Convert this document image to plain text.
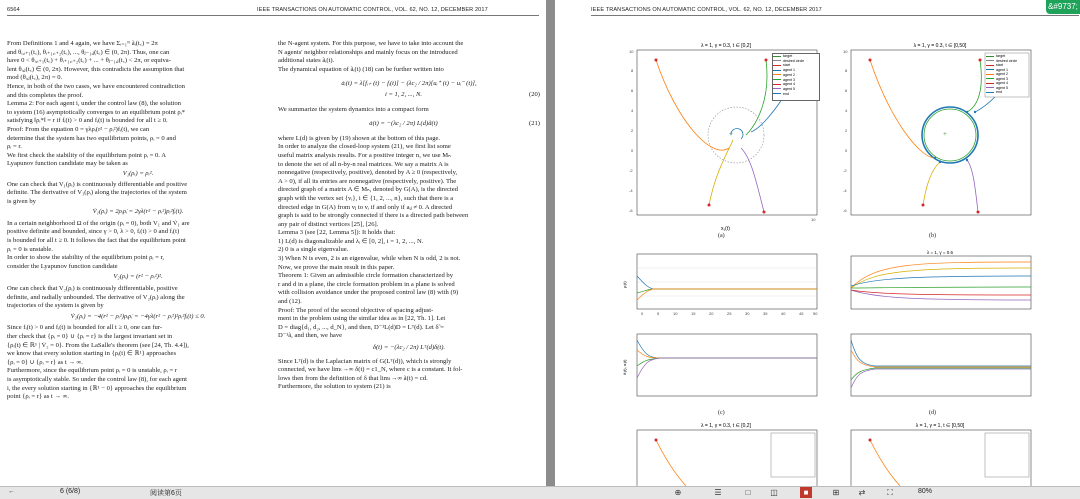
6564	IEEE TRANSACTIONS ON AUTOMATIC CONTROL, VOL. 62, NO. 12, DECEMBER 2017

From Definitions 1 and 4 again, we have Σᵢ₌₁ᴺ ãᵢ(t꜀) = 2π

and θᵢ,ᵢ₊₁(t꜀), θᵢ₊₁,ᵢ₊₂(t꜀), ..., θⱼ₋₁,ⱼ(t꜀) ∈ (0, 2π). Thus, one can

have 0 < θᵢ,ᵢ₊₁(t꜀) + θᵢ₊₁,ᵢ₊₂(t꜀) + ... + θⱼ₋₁,ⱼ(t꜀) < 2π, or equiva-

lent θᵢ,ⱼ(t꜀) ∈ (0, 2π). However, this contradicts the assumption that

mod (θᵢ,ⱼ(t꜀), 2π) = 0.

Hence, in both of the two cases, we have encountered contradiction

and this completes the proof.

Lemma 2: For each agent i, under the control law (8), the solution

to system (16) asymptotically converges to an equilibrium point ρᵢ*

satisfying ‖ρᵢ*‖ = r if fᵢ(t) > 0 and fᵢ(t) is bounded for all t ≥ 0.

Proof: From the equation 0 = γλρᵢ(r² − ρᵢ²)fᵢ(t), we can

determine that the system has two equilibrium points, ρᵢ = 0 and

ρᵢ = r.

We first check the stability of the equilibrium point ρᵢ = 0. A

Lyapunov function candidate may be taken as

V₁(ρᵢ) = ρᵢ².

One can check that V₁(ρᵢ) is continuously differentiable and positive

definite. The derivative of V₁(ρᵢ) along the trajectories of the system

is given by

V̇₁(ρᵢ) = 2ρᵢρ̇ᵢ = 2γλ(r² − ρᵢ²)ρᵢ²fᵢ(t).

In a certain neighborhood Ω of the origin (ρᵢ = 0), both V₁ and V̇₁ are

positive definite and bounded, since γ > 0, λ > 0, fᵢ(t) > 0 and fᵢ(t)

is bounded for all t ≥ 0. It follows the fact that the equilibrium point

ρᵢ = 0 is unstable.

In order to show the stability of the equilibrium point ρᵢ = r,

consider the Lyapunov function candidate

V₂(ρᵢ) = (r² − ρᵢ²)².

One can check that V₂(ρᵢ) is continuously differentiable, positive

definite, and radially unbounded. The derivative of V₂(ρᵢ) along the

trajectories of the system is given by

V̇₂(ρᵢ) = −4(r² − ρᵢ²)ρᵢρ̇ᵢ = −4γλ(r² − ρᵢ²)²ρᵢ²fᵢ(t) ≤ 0.

Since fᵢ(t) > 0 and fᵢ(t) is bounded for all t ≥ 0, one can fur-

ther check that {ρᵢ = 0} ∪ {ρᵢ = r} is the largest invariant set in

{ρᵢ(t) ∈ ℝ¹ | V̇₂ = 0}. From the LaSalle's theorem (see [24, Th. 4.4]),

we know that every solution starting in {ρᵢ(t) ∈ ℝ¹} approaches

{ρᵢ = 0} ∪ {ρᵢ = r} as t → ∞.

Furthermore, since the equilibrium point ρᵢ = 0 is unstable, ρᵢ = r

is asymptotically stable. So under the control law (8), for each agent

i, the every solution starting in {ℝ¹ − 0} approaches the equilibrium

point {ρᵢ = r} as t → ∞.

the N-agent system. For this purpose, we have to take into account the

N agents' neighbor relationships and mainly focus on the introduced

additional states ãᵢ(t).

The dynamical equation of ãᵢ(t) (18) can be further written into

ȧᵢ(t) = λ[fᵢ₊ (t) − fᵢ(t)] − (λc₂ / 2π)[uᵢ⁺ (t) − uᵢ⁻ (t)],

i = 1, 2, ..., N.	(20)

We summarize the system dynamics into a compact form

ȧ(t) = −(λc₂ / 2π) L(d)ã(t)	(21)

where L(d) is given by (19) shown at the bottom of this page.

In order to analyze the closed-loop system (21), we first list some

useful matrix analysis results. For a positive integer n, we use Mₙ

to denote the set of all n-by-n real matrices. We say a matrix A is

nonnegative (respectively, positive), denoted by A ≥ 0 (respectively,

A > 0), if all its entries are nonnegative (respectively, positive). The

directed graph of a matrix A ∈ Mₙ, denoted by G(A), is the directed

graph with the vertex set {vᵢ}, i ∈ {1, 2, ..., n}, such that there is a

directed edge in G(A) from vⱼ to vᵢ if and only if aᵢⱼ ≠ 0. A directed

graph is said to be strongly connected if there is a directed path between

any pair of distinct vertices [25], [26].

Lemma 3 (see [22, Lemma 5]): It holds that:

1) L(d) is diagonalizable and λᵢ ∈ [0, 2], i = 1, 2, ..., N.

2) 0 is a single eigenvalue.

3) When N is even, 2 is an eigenvalue, while when N is odd, 2 is not.

Now, we prove the main result in this paper.

Theorem 1: Given an admissible circle formation characterized by

r and d in a plane, the circle formation problem in a plane is solved

with collision avoidance under the proposed control law (8) with (9)

and (12).

Proof: The proof of the second objective of spacing adjust-

ment in the problem using the similar idea as in [22, Th. 1]. Let

D = diag{d₁, d₂, ..., d_N}, and then, D⁻¹L(d)D = Lᵀ(d). Let δ̃ =

D⁻¹ã, and then, we have

δ̇(t) = −(λc₂ / 2π) Lᵀ(d)δ(t).

Since Lᵀ(d) is the Laplacian matrix of G(Lᵀ(d)), which is strongly

connected, we have limₜ→∞ δ(t) = c1_N, where c is a constant. It fol-

lows then from the definition of δ that limₜ→∞ ã(t) = cd.

Furthermore, the solution to system (21) is

IEEE TRANSACTIONS ON AUTOMATIC CONTROL, VOL. 62, NO. 12, DECEMBER 2017
λ = 1, γ = 0.3, t ∈ [0,2]
10
8
6
4
2
0
-2
-4
-6
10
+
x₁(t)
(a)
λ = 1, γ = 0.3, t ∈ [0,50]
10
8
6
4
2
0
-2
-4
-6
+
(b)
target
desired circle
start
agent 1
agent 2
agent 3
agent 4
agent 5
end
target
desired circle
start
agent 1
agent 2
agent 3
agent 4
agent 5
end
0	5	10	15	20	25	30	35	40	45 50
ρᵢ(t)
λ = 1, γ = 0.6
θᵢ(t), aᵢ(t)
(c)	(d)
λ = 1, γ = 0.3, t ∈ [0,2]	λ = 1, γ = 1, t ∈ [0,50]
&#9737; 全
←	6 (6/8)	阅读第6页	⊕	☰	□	◫	■	⊞	⇄	⛶	80%
